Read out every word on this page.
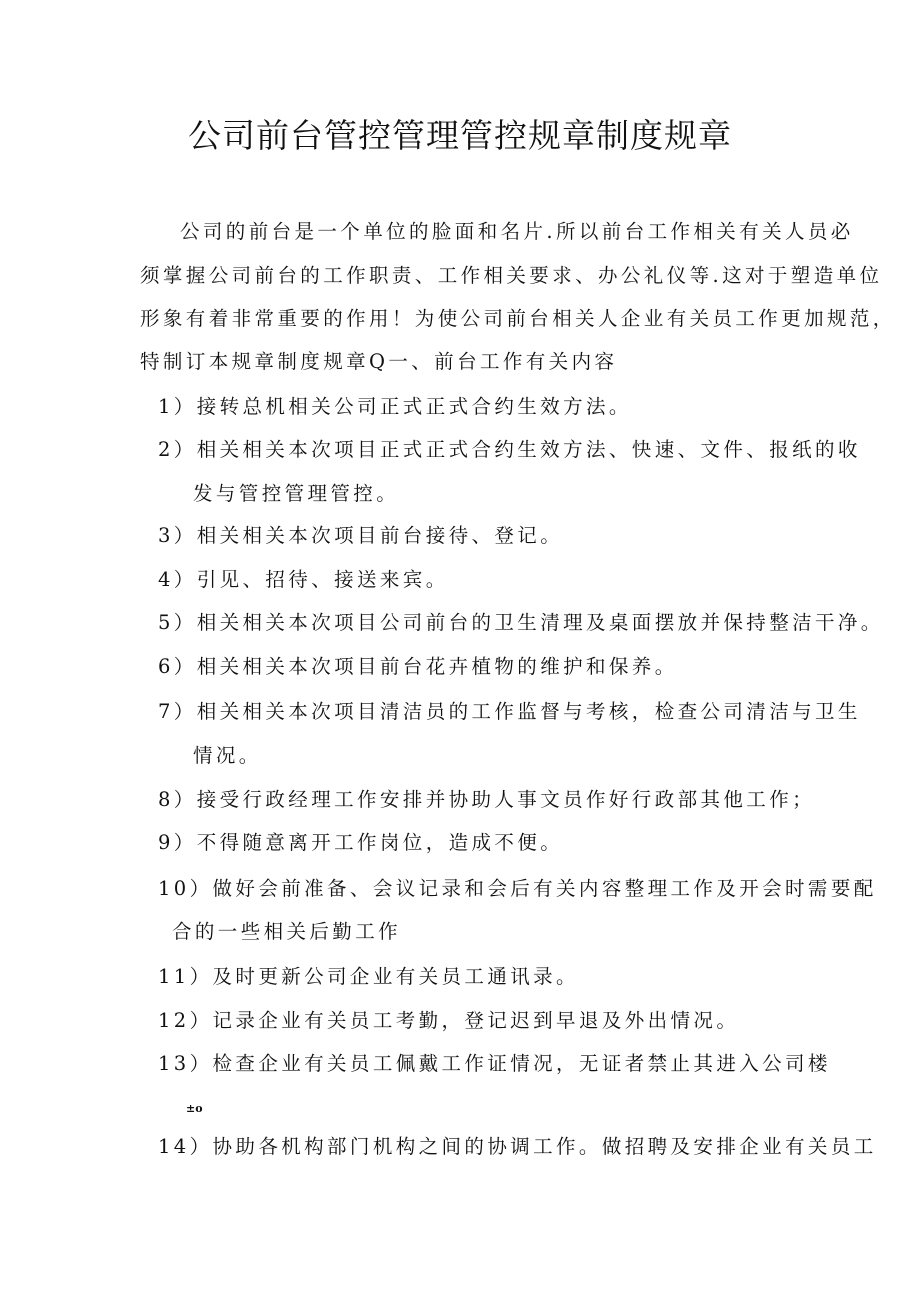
公司前台管控管理管控规章制度规章
公司的前台是一个单位的脸面和名片.所以前台工作相关有关人员必
须掌握公司前台的工作职责、工作相关要求、办公礼仪等.这对于塑造单位
形象有着非常重要的作用！为使公司前台相关人企业有关员工作更加规范，
特制订本规章制度规章Q一、前台工作有关内容
1）接转总机相关公司正式正式合约生效方法。
2）相关相关本次项目正式正式合约生效方法、快速、文件、报纸的收
发与管控管理管控。
3）相关相关本次项目前台接待、登记。
4）引见、招待、接送来宾。
5）相关相关本次项目公司前台的卫生清理及桌面摆放并保持整洁干净。
6）相关相关本次项目前台花卉植物的维护和保养。
7）相关相关本次项目清洁员的工作监督与考核，检查公司清洁与卫生
情况。
8）接受行政经理工作安排并协助人事文员作好行政部其他工作；
9）不得随意离开工作岗位，造成不便。
10）做好会前准备、会议记录和会后有关内容整理工作及开会时需要配
合的一些相关后勤工作
11）及时更新公司企业有关员工通讯录。
12）记录企业有关员工考勤，登记迟到早退及外出情况。
13）检查企业有关员工佩戴工作证情况，无证者禁止其进入公司楼
±o
14）协助各机构部门机构之间的协调工作。做招聘及安排企业有关员工
